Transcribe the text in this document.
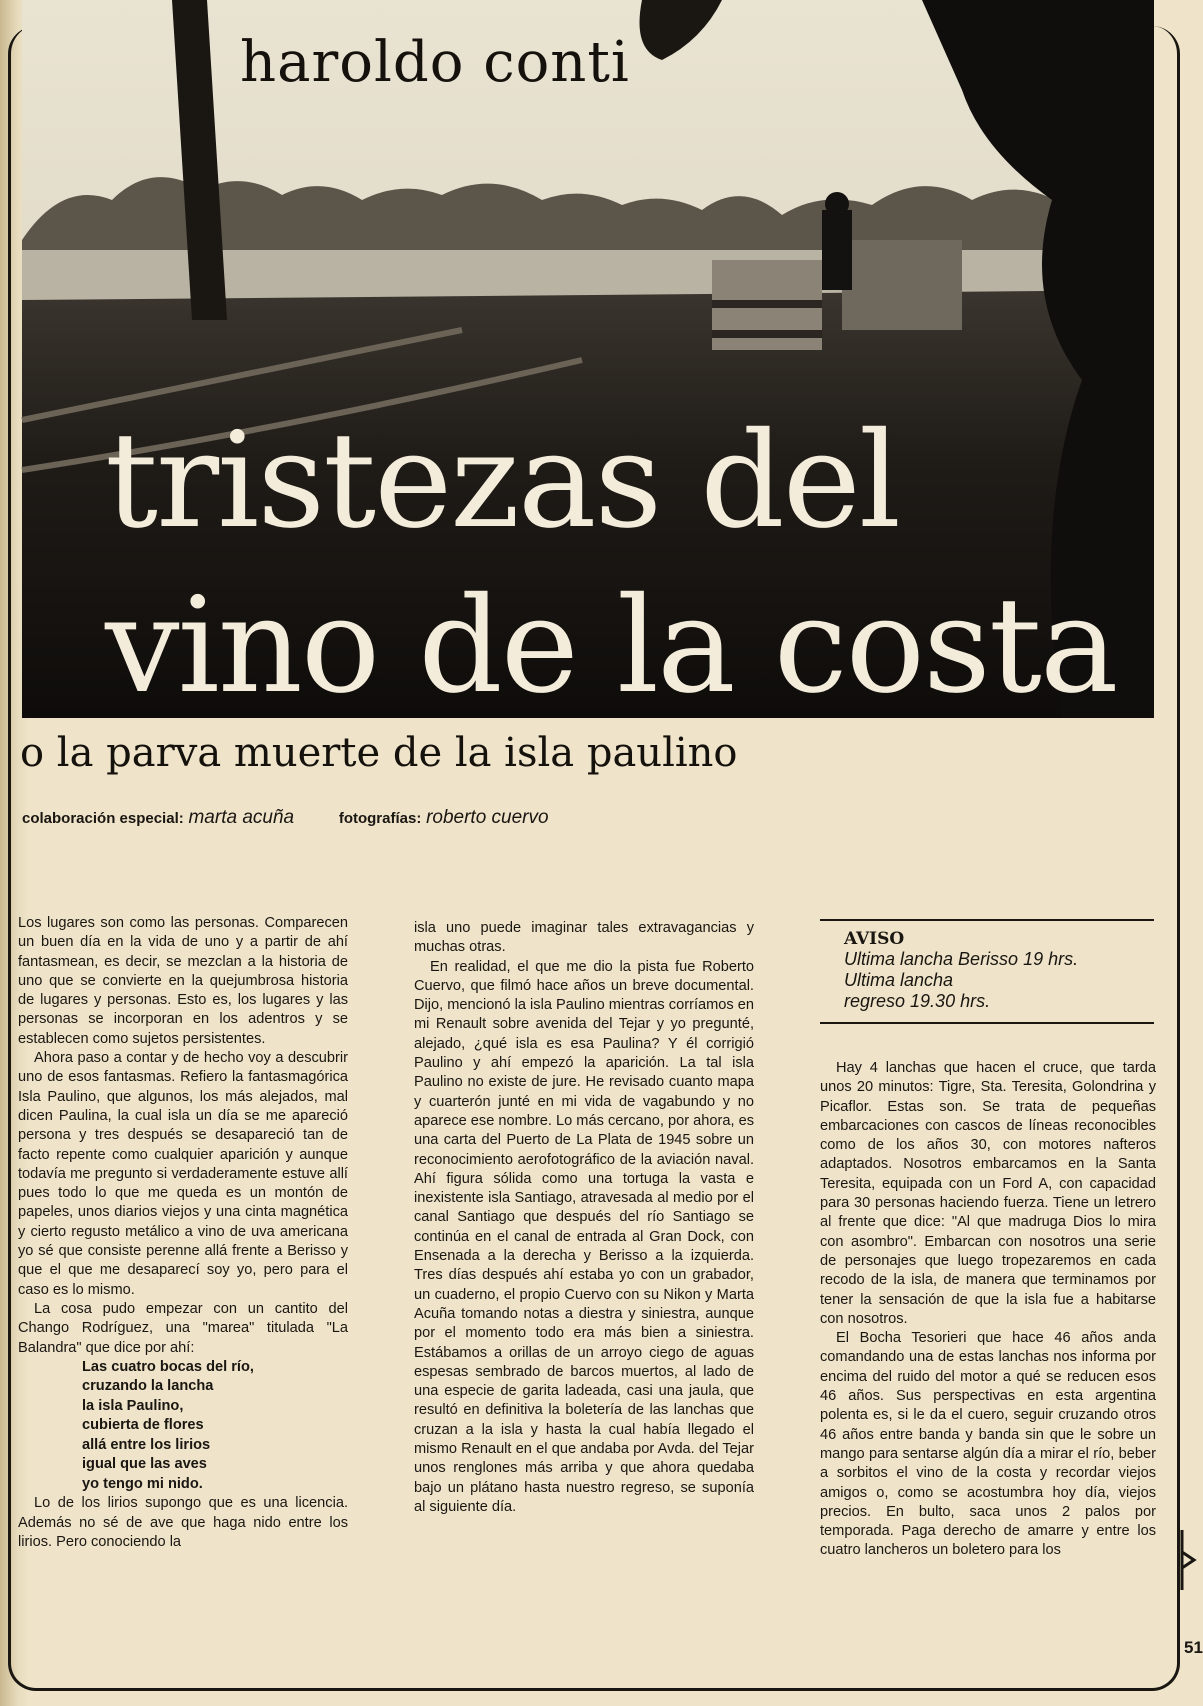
haroldo conti
tristezas del
vino de la costa
o la parva muerte de la isla paulino
colaboración especial: marta acuña	fotografías: roberto cuervo

Los lugares son como las personas. Comparecen un buen día en la vida de uno y a partir de ahí fantasmean, es decir, se mezclan a la historia de uno que se convierte en la quejumbrosa historia de lugares y personas. Esto es, los lugares y las personas se incorporan en los adentros y se establecen como sujetos persistentes.

Ahora paso a contar y de hecho voy a descubrir uno de esos fantasmas. Refiero la fantasmagórica Isla Paulino, que algunos, los más alejados, mal dicen Paulina, la cual isla un día se me apareció persona y tres después se desapareció tan de facto repente como cualquier aparición y aunque todavía me pregunto si verdaderamente estuve allí pues todo lo que me queda es un montón de papeles, unos diarios viejos y una cinta magnética y cierto regusto metálico a vino de uva americana yo sé que consiste perenne allá frente a Berisso y que el que me desaparecí soy yo, pero para el caso es lo mismo.

La cosa pudo empezar con un cantito del Chango Rodríguez, una "marea" titulada "La Balandra" que dice por ahí:

Las cuatro bocas del río,
cruzando la lancha
la isla Paulino,
cubierta de flores
allá entre los lirios
igual que las aves
yo tengo mi nido.

Lo de los lirios supongo que es una licencia. Además no sé de ave que haga nido entre los lirios. Pero conociendo la

isla uno puede imaginar tales extravagancias y muchas otras.

En realidad, el que me dio la pista fue Roberto Cuervo, que filmó hace años un breve documental. Dijo, mencionó la isla Paulino mientras corríamos en mi Renault sobre avenida del Tejar y yo pregunté, alejado, ¿qué isla es esa Paulina? Y él corrigió Paulino y ahí empezó la aparición. La tal isla Paulino no existe de jure. He revisado cuanto mapa y cuarterón junté en mi vida de vagabundo y no aparece ese nombre. Lo más cercano, por ahora, es una carta del Puerto de La Plata de 1945 sobre un reconocimiento aerofotográfico de la aviación naval. Ahí figura sólida como una tortuga la vasta e inexistente isla Santiago, atravesada al medio por el canal Santiago que después del río Santiago se continúa en el canal de entrada al Gran Dock, con Ensenada a la derecha y Berisso a la izquierda. Tres días después ahí estaba yo con un grabador, un cuaderno, el propio Cuervo con su Nikon y Marta Acuña tomando notas a diestra y siniestra, aunque por el momento todo era más bien a siniestra. Estábamos a orillas de un arroyo ciego de aguas espesas sembrado de barcos muertos, al lado de una especie de garita ladeada, casi una jaula, que resultó en definitiva la boletería de las lanchas que cruzan a la isla y hasta la cual había llegado el mismo Renault en el que andaba por Avda. del Tejar unos renglones más arriba y que ahora quedaba bajo un plátano hasta nuestro regreso, se suponía al siguiente día.

AVISO
Ultima lancha Berisso 19 hrs.
Ultima lancha
regreso 19.30 hrs.

Hay 4 lanchas que hacen el cruce, que tarda unos 20 minutos: Tigre, Sta. Teresita, Golondrina y Picaflor. Estas son. Se trata de pequeñas embarcaciones con cascos de líneas reconocibles como de los años 30, con motores nafteros adaptados. Nosotros embarcamos en la Santa Teresita, equipada con un Ford A, con capacidad para 30 personas haciendo fuerza. Tiene un letrero al frente que dice: "Al que madruga Dios lo mira con asombro". Embarcan con nosotros una serie de personajes que luego tropezaremos en cada recodo de la isla, de manera que terminamos por tener la sensación de que la isla fue a habitarse con nosotros.

El Bocha Tesorieri que hace 46 años anda comandando una de estas lanchas nos informa por encima del ruido del motor a qué se reducen esos 46 años. Sus perspectivas en esta argentina polenta es, si le da el cuero, seguir cruzando otros 46 años entre banda y banda sin que le sobre un mango para sentarse algún día a mirar el río, beber a sorbitos el vino de la costa y recordar viejos amigos o, como se acostumbra hoy día, viejos precios. En bulto, saca unos 2 palos por temporada. Paga derecho de amarre y entre los cuatro lancheros un boletero para los

51
